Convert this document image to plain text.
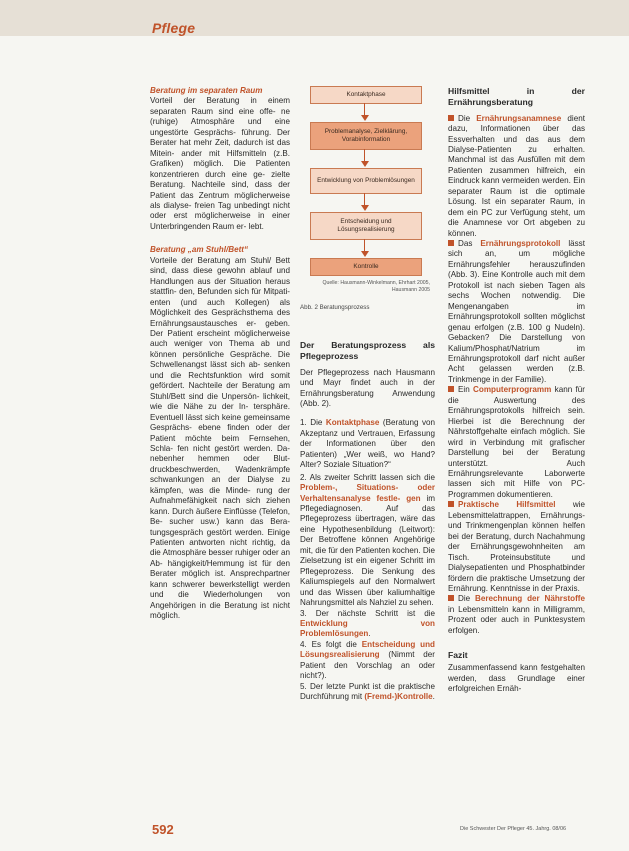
Pflege
Beratung im separaten Raum

Vorteil der Beratung in einem separaten Raum sind eine offe- ne (ruhige) Atmosphäre und eine ungestörte Gesprächs- führung. Der Berater hat mehr Zeit, dadurch ist das Mitein- ander mit Hilfsmitteln (z.B. Grafiken) möglich. Die Patienten konzentrieren durch eine ge- zielte Beratung. Nachteile sind, dass der Patient das Zentrum möglicherweise als dialyse- freien Tag unbedingt nicht oder erst möglicherweise in einer Unterbringenden Raum er- lebt.

Beratung „am Stuhl/Bett“

Vorteile der Beratung am Stuhl/ Bett sind, dass diese gewohn ablauf und Handlungen aus der Situation heraus stattfin- den, Befunden sich für Mitpati- enten (und auch Kollegen) als Möglichkeit des Gesprächsthema des Ernährungsaustausches er- geben. Der Patient erscheint möglicherweise auch weniger von Thema ab und können persönliche Gespräche. Die Schwellenangst lässt sich ab- senken und die Rechtsfunktion wird somit gefördert. Nachteile der Beratung am Stuhl/Bett sind die Unpersön- lichkeit, wie die Nähe zu der In- tersphäre. Eventuell lässt sich keine gemeinsame Gesprächs- ebene finden oder der Patient möchte beim Fernsehen, Schla- fen nicht gestört werden. Da- nebenher hemmen oder Blut- druckbeschwerden, Wadenkrämpfe schwankungen an der Dialyse zu kämpfen, was die Minde- rung der Aufnahmefähigkeit nach sich ziehen kann. Durch äußere Einflüsse (Telefon, Be- sucher usw.) kann das Bera- tungsgespräch gestört werden. Einige Patienten antworten nicht richtig, da die Atmosphäre besser ruhiger oder an Ab- hängigkeit/Hemmung ist für den Berater möglich ist. Ansprechpartner kann schwerer bewerkstelligt werden und die Wiederholungen von Angehörigen in die Beratung ist nicht möglich.

Kontaktphase
Problemanalyse, Zielklärung, Vorabinformation
Entwicklung von Problemlösungen
Entscheidung und Lösungsrealisierung
Kontrolle
Quelle: Hausmann-Winkelmann, Ehrhart 2005, Hausmann 2005
Abb. 2 Beratungsprozess
Der Beratungsprozess als Pflegeprozess

Der Pflegeprozess nach Hausmann und Mayr findet auch in der Ernährungsberatung Anwendung (Abb. 2).

1. Die Kontaktphase (Beratung von Akzeptanz und Vertrauen, Erfassung der Informationen über den Patienten) „Wer weiß, wo Hand? Alter? Soziale Situation?“

2. Als zweiter Schritt lassen sich die Problem-, Situations- oder Verhaltensanalyse festle- gen im Pflegediagnosen. Auf das Pflegeprozess übertragen, wäre das eine Hypothesenbildung (Leitwort): Der Betroffene können Angehörige mit, die für den Patienten kochen. Die Zielsetzung ist ein eigener Schritt im Pflegeprozess. Die Senkung des Kaliumspiegels auf den Normalwert und das Wissen über kaliumhaltige Nahrungsmittel als Nahziel zu sehen.

3. Der nächste Schritt ist die Entwicklung von Problemlösungen.

4. Es folgt die Entscheidung und Lösungsrealisierung (Nimmt der Patient den Vorschlag an oder nicht?).

5. Der letzte Punkt ist die praktische Durchführung mit (Fremd-)Kontrolle.

Hilfsmittel in der Ernährungsberatung

Die Ernährungsanamnese dient dazu, Informationen über das Essverhalten und das aus dem Dialyse-Patienten zu erhalten. Manchmal ist das Ausfüllen mit dem Patienten zusammen hilfreich, ein Eindruck kann vermeiden werden. Ein separater Raum ist die optimale Lösung. Ist ein separater Raum, in dem ein PC zur Verfügung steht, um die Anamnese vor Ort abgeben zu können.

Das Ernährungsprotokoll lässt sich an, um mögliche Ernährungsfehler herauszufinden (Abb. 3). Eine Kontrolle auch mit dem Protokoll ist nach sieben Tagen als sechs Wochen notwendig. Die Mengenangaben im Ernährungsprotokoll sollten möglichst genau erfolgen (z.B. 100 g Nudeln). Gebacken? Die Darstellung von Kalium/Phosphat/Natrium im Ernährungsprotokoll darf nicht außer Acht gelassen werden (z.B. Trinkmenge in der Familie).

Ein Computerprogramm kann für die Auswertung des Ernährungsprotokolls hilfreich sein. Hierbei ist die Berechnung der Nährstoffgehalte einfach möglich. Sie wird in Verbindung mit grafischer Darstellung bei der Beratung unterstützt. Auch Ernährungsrelevante Laborwerte lassen sich mit Hilfe von PC-Programmen dokumentieren.

Praktische Hilfsmittel wie Lebensmittelattrappen, Ernährungs- und Trinkmengenplan können helfen bei der Beratung, durch Nachahmung der Ernährungsgewohnheiten am Tisch. Proteinsubstitute und Dialysepatienten und Phosphatbinder fördern die praktische Umsetzung der Ernährung. Kenntnisse in der Praxis.

Die Berechnung der Nährstoffe in Lebensmitteln kann in Milligramm, Prozent oder auch in Punktesystem erfolgen.

Fazit

Zusammenfassend kann festgehalten werden, dass Grundlage einer erfolgreichen Ernäh-

592	Die Schwester Der Pfleger 45. Jahrg. 08/06
